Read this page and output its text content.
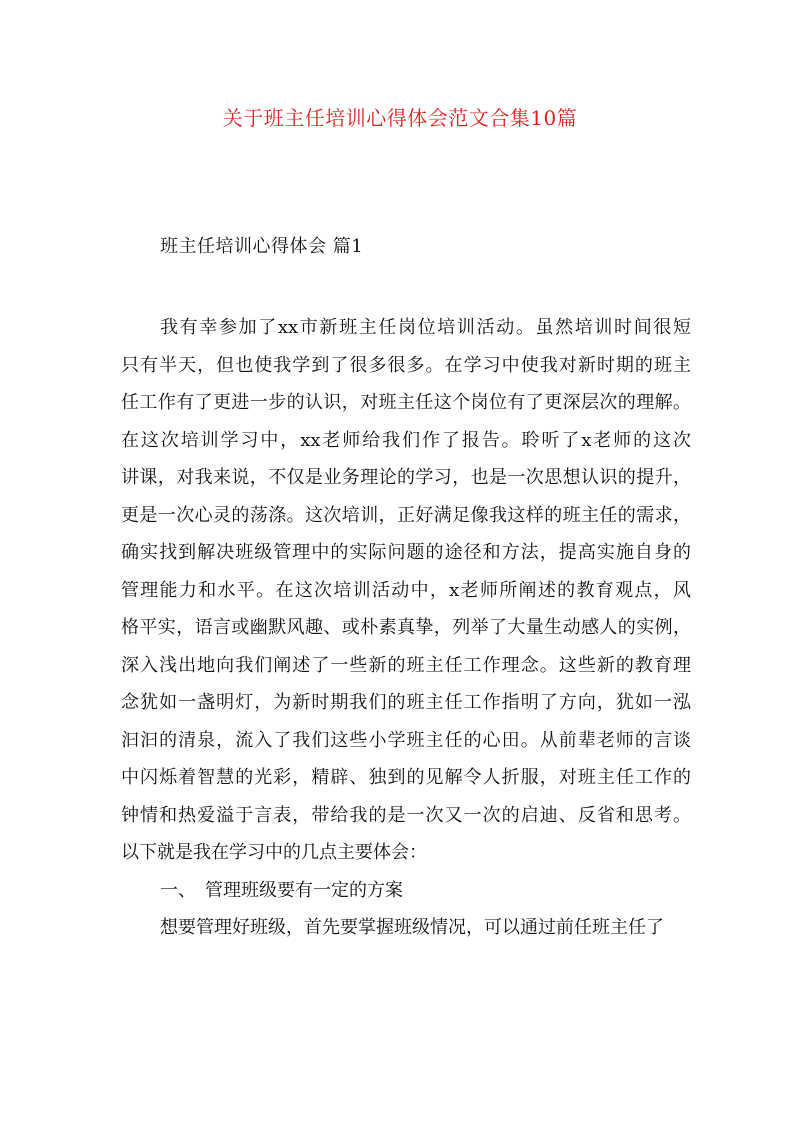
关于班主任培训心得体会范文合集10篇
班主任培训心得体会 篇1
我有幸参加了xx市新班主任岗位培训活动。虽然培训时间很短
只有半天，但也使我学到了很多很多。在学习中使我对新时期的班主
任工作有了更进一步的认识，对班主任这个岗位有了更深层次的理解。
在这次培训学习中，xx老师给我们作了报告。聆听了x老师的这次
讲课，对我来说，不仅是业务理论的学习，也是一次思想认识的提升，
更是一次心灵的荡涤。这次培训，正好满足像我这样的班主任的需求，
确实找到解决班级管理中的实际问题的途径和方法，提高实施自身的
管理能力和水平。在这次培训活动中，x老师所阐述的教育观点，风
格平实，语言或幽默风趣、或朴素真挚，列举了大量生动感人的实例，
深入浅出地向我们阐述了一些新的班主任工作理念。这些新的教育理
念犹如一盏明灯，为新时期我们的班主任工作指明了方向，犹如一泓
汩汩的清泉，流入了我们这些小学班主任的心田。从前辈老师的言谈
中闪烁着智慧的光彩，精辟、独到的见解令人折服，对班主任工作的
钟情和热爱溢于言表，带给我的是一次又一次的启迪、反省和思考。
以下就是我在学习中的几点主要体会：
一、　管理班级要有一定的方案
想要管理好班级，首先要掌握班级情况，可以通过前任班主任了
